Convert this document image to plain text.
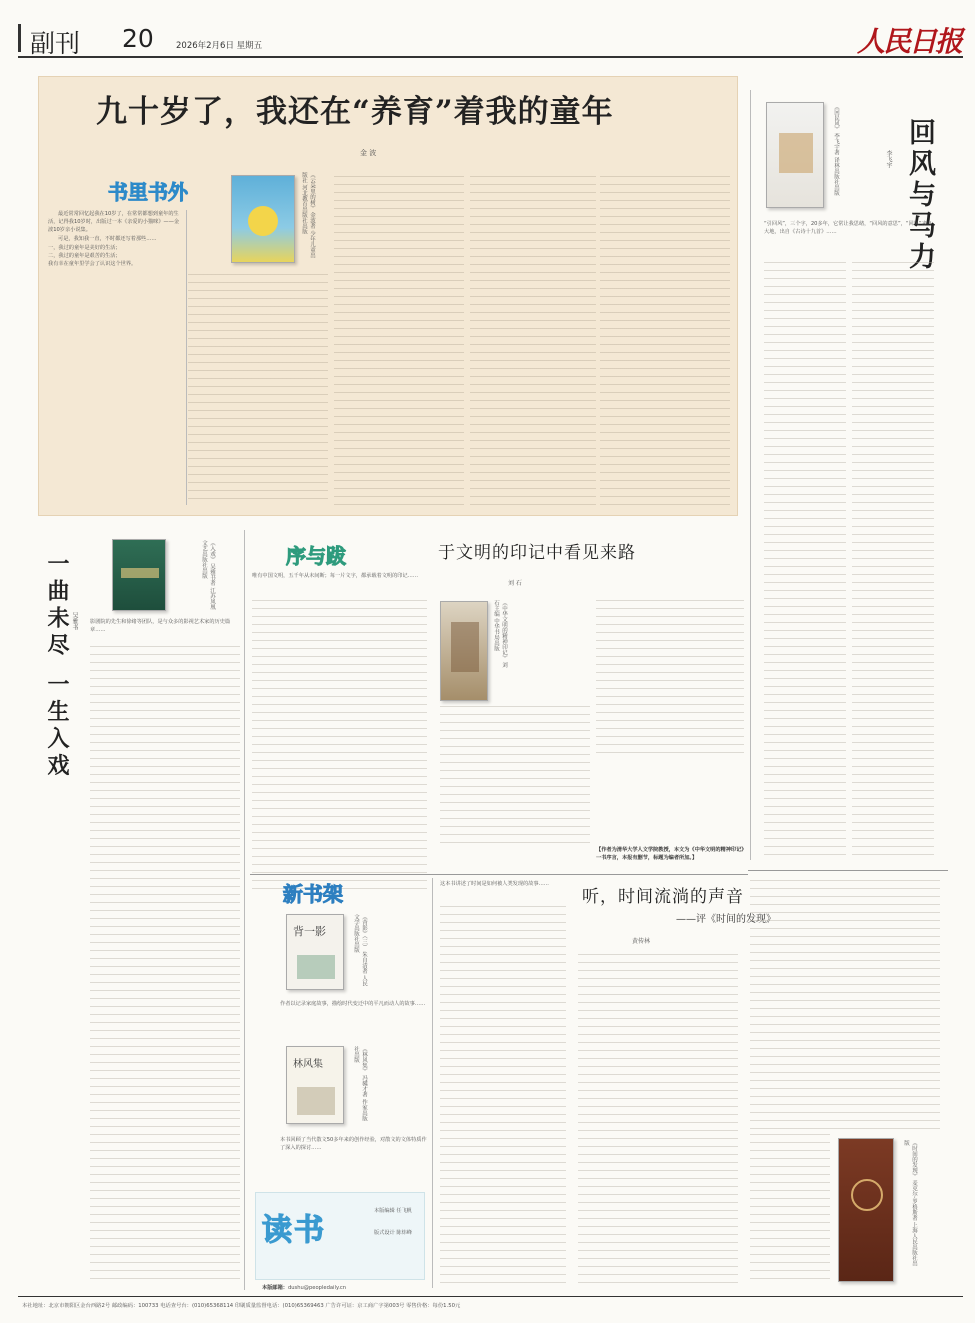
副刊 20	2026年2月6日 星期五	人民日报
九十岁了，我还在“养育”着我的童年
金 波
书里书外	《云朵里的树》 金波著 少年儿童出版社 河北教育出版社出版

最近常常回忆起我在10岁了，在常常都想到童年的生活，记得我10岁时，出版过一本《亲爱的小猫咪》——金波10岁亲小说集。

可是，我知我一直，不时都还写着那些……

一，我过的童年是美好的生活；

二，我过的童年是艰苦的生活；

我有幸在童年里学会了认识这个世界。	回风与马力
李飞宇
《回民风》 李飞宇著 译林出版社出版
“引回风”，三个字，20多年，它常让我思绪，“回风的意思”，“回风”来自大地，出自《古诗十九首》……
一曲未尽 一生入戏 吴雅书
《入戏》 吴雅书著 江苏凤凰文艺出版社出版
影剧院的先生和徐绪等团队，是与众多的影视艺术家的历史篇章……
序与跋	于文明的印记中看见来路
刘 石
《中华文明的精神印记》 刘石主编 中华书局出版
唯有中国文明，五千年从未间断；每一片文字，都承载着文明的印记……
【作者为清华大学人文学院教授，本文为《中华文明的精神印记》一书序言，本报有删节，标题为编者所加。】
新书架
背一影	《背影》（三） 朱自清著 人民文学出版社出版
作者以记录家庭故事，描绘时代变迁中的平凡而动人的故事……
林风集	《林风集》 冯骥才著 作家出版社出版
本书回顾了当代散文50多年来的创作经验，对散文的文体特质作了深入的探讨……
读书
本版编辑 任飞帆
版式设计 陈炜峰
本版邮箱：dushu@peopledaily.cn
听，时间流淌的声音
——评《时间的发现》
黄传林
这本书讲述了时间是如何被人类发现的故事……
《时间的发现》 麦克尔·罗格斯著 上海人民出版社出版
本社地址：北京市朝阳区金台西路2号 邮政编码：100733 电话查号台：(010)65368114 印刷质量监督电话：(010)65369463 广告许可证：京工商广字第003号 零售价格：每份1.50元
